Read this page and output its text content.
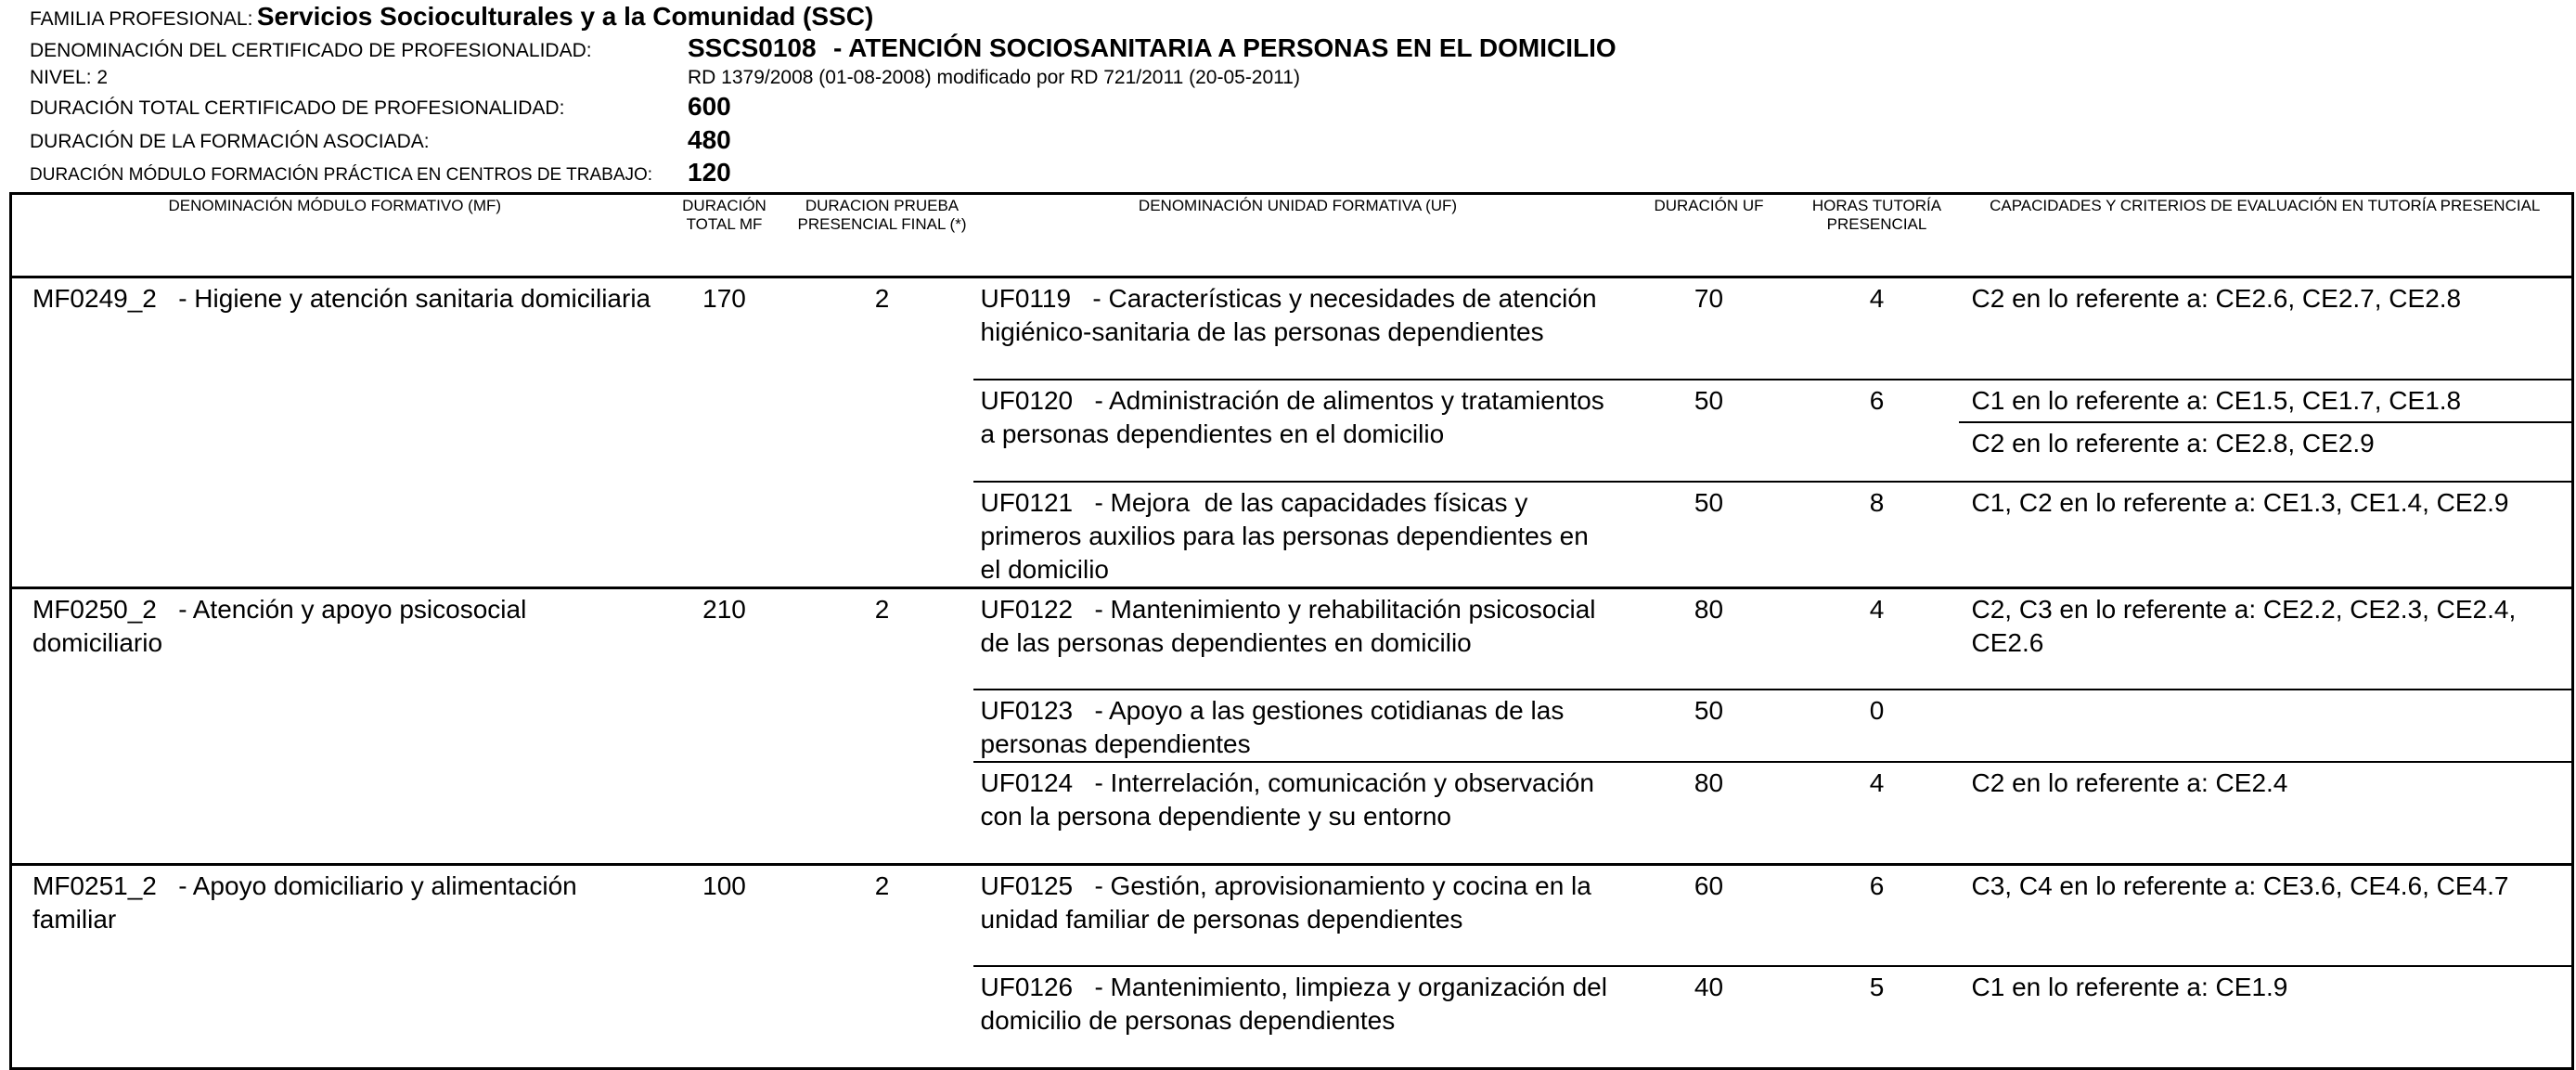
FAMILIA PROFESIONAL: Servicios Socioculturales y a la Comunidad (SSC)
DENOMINACIÓN DEL CERTIFICADO DE PROFESIONALIDAD:	SSCS0108 - ATENCIÓN SOCIOSANITARIA A PERSONAS EN EL DOMICILIO
NIVEL: 2	RD 1379/2008 (01-08-2008) modificado por RD 721/2011 (20-05-2011)
DURACIÓN TOTAL CERTIFICADO DE PROFESIONALIDAD:	600
DURACIÓN DE LA FORMACIÓN ASOCIADA:	480
DURACIÓN MÓDULO FORMACIÓN PRÁCTICA EN CENTROS DE TRABAJO: 120
DENOMINACIÓN MÓDULO FORMATIVO (MF)	DURACIÓN TOTAL MF	DURACION PRUEBA PRESENCIAL FINAL (*)	DENOMINACIÓN UNIDAD FORMATIVA (UF)	DURACIÓN UF	HORAS TUTORÍA PRESENCIAL	CAPACIDADES Y CRITERIOS DE EVALUACIÓN EN TUTORÍA PRESENCIAL
MF0249_2   - Higiene y atención sanitaria domiciliaria	170	2	UF0119   - Características y necesidades de atención higiénico-sanitaria de las personas dependientes	70	4	C2 en lo referente a: CE2.6, CE2.7, CE2.8
			UF0120   - Administración de alimentos y tratamientos a personas dependientes en el domicilio	50	6	C1 en lo referente a: CE1.5, CE1.7, CE1.8
						C2 en lo referente a: CE2.8, CE2.9
			UF0121   - Mejora  de las capacidades físicas y primeros auxilios para las personas dependientes en el domicilio	50	8	C1, C2 en lo referente a: CE1.3, CE1.4, CE2.9
MF0250_2   - Atención y apoyo psicosocial domiciliario	210	2	UF0122   - Mantenimiento y rehabilitación psicosocial de las personas dependientes en domicilio	80	4	C2, C3 en lo referente a: CE2.2, CE2.3, CE2.4, CE2.6
			UF0123   - Apoyo a las gestiones cotidianas de las personas dependientes	50	0	
			UF0124   - Interrelación, comunicación y observación con la persona dependiente y su entorno	80	4	C2 en lo referente a: CE2.4
MF0251_2   - Apoyo domiciliario y alimentación familiar	100	2	UF0125   - Gestión, aprovisionamiento y cocina en la unidad familiar de personas dependientes	60	6	C3, C4 en lo referente a: CE3.6, CE4.6, CE4.7
			UF0126   - Mantenimiento, limpieza y organización del domicilio de personas dependientes	40	5	C1 en lo referente a: CE1.9
